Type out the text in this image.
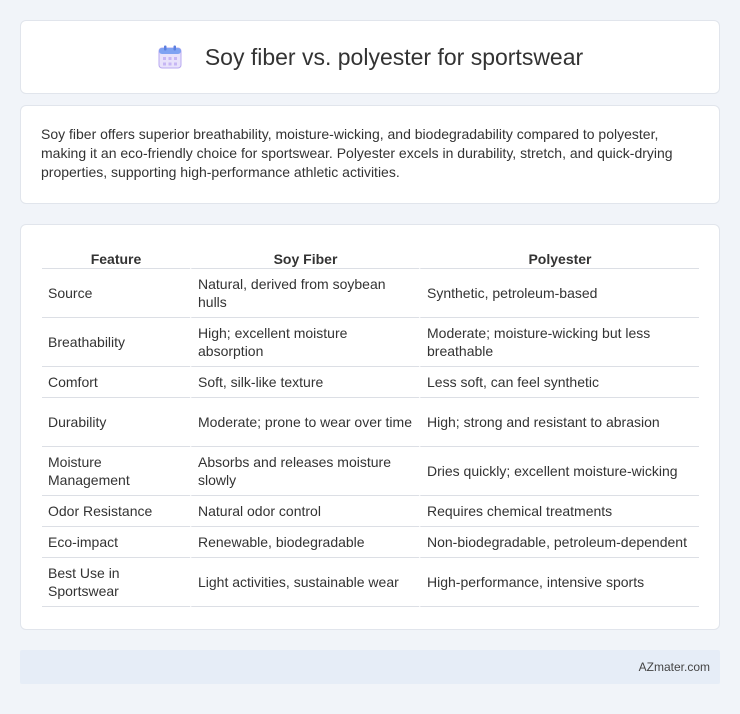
Soy fiber vs. polyester for sportswear

Soy fiber offers superior breathability, moisture-wicking, and biodegradability compared to polyester, making it an eco-friendly choice for sportswear. Polyester excels in durability, stretch, and quick-drying properties, supporting high-performance athletic activities.

Feature	Soy Fiber	Polyester
Source	Natural, derived from soybean hulls	Synthetic, petroleum-based
Breathability	High; excellent moisture absorption	Moderate; moisture-wicking but less breathable
Comfort	Soft, silk-like texture	Less soft, can feel synthetic
Durability	Moderate; prone to wear over time	High; strong and resistant to abrasion
Moisture Management	Absorbs and releases moisture slowly	Dries quickly; excellent moisture-wicking
Odor Resistance	Natural odor control	Requires chemical treatments
Eco-impact	Renewable, biodegradable	Non-biodegradable, petroleum-dependent
Best Use in Sportswear	Light activities, sustainable wear	High-performance, intensive sports
AZmater.com
